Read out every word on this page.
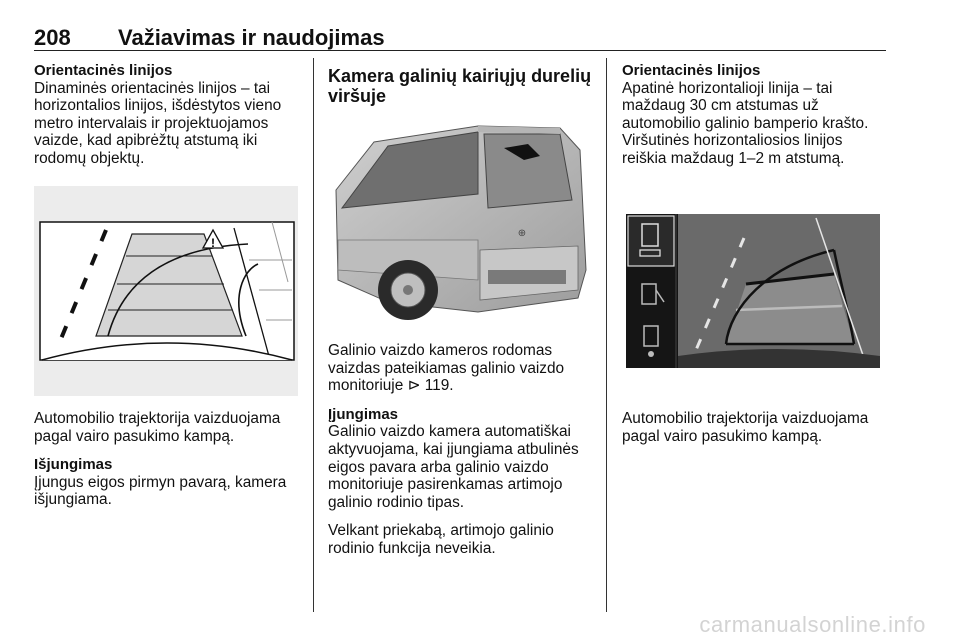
208 Važiavimas ir naudojimas
Orientacinės linijos

Dinaminės orientacinės linijos – tai horizontalios linijos, išdėstytos vieno metro intervalais ir projektuojamos vaizde, kad apibrėžtų atstumą iki rodomų objektų.

!

Automobilio trajektorija vaizduojama pagal vairo pasukimo kampą.

Išjungimas

Įjungus eigos pirmyn pavarą, kamera išjungiama.

Kamera galinių kairiųjų durelių viršuje
⊕

Galinio vaizdo kameros rodomas vaizdas pateikiamas galinio vaizdo monitoriuje ⊳ 119.

Įjungimas

Galinio vaizdo kamera automatiškai aktyvuojama, kai įjungiama atbulinės eigos pavara arba galinio vaizdo monitoriuje pasirenkamas artimojo galinio rodinio tipas.

Velkant priekabą, artimojo galinio rodinio funkcija neveikia.

Orientacinės linijos

Apatinė horizontalioji linija – tai maždaug 30 cm atstumas už automobilio galinio bamperio krašto. Viršutinės horizontaliosios linijos reiškia maždaug 1–2 m atstumą.

Automobilio trajektorija vaizduojama pagal vairo pasukimo kampą.

carmanualsonline.info
